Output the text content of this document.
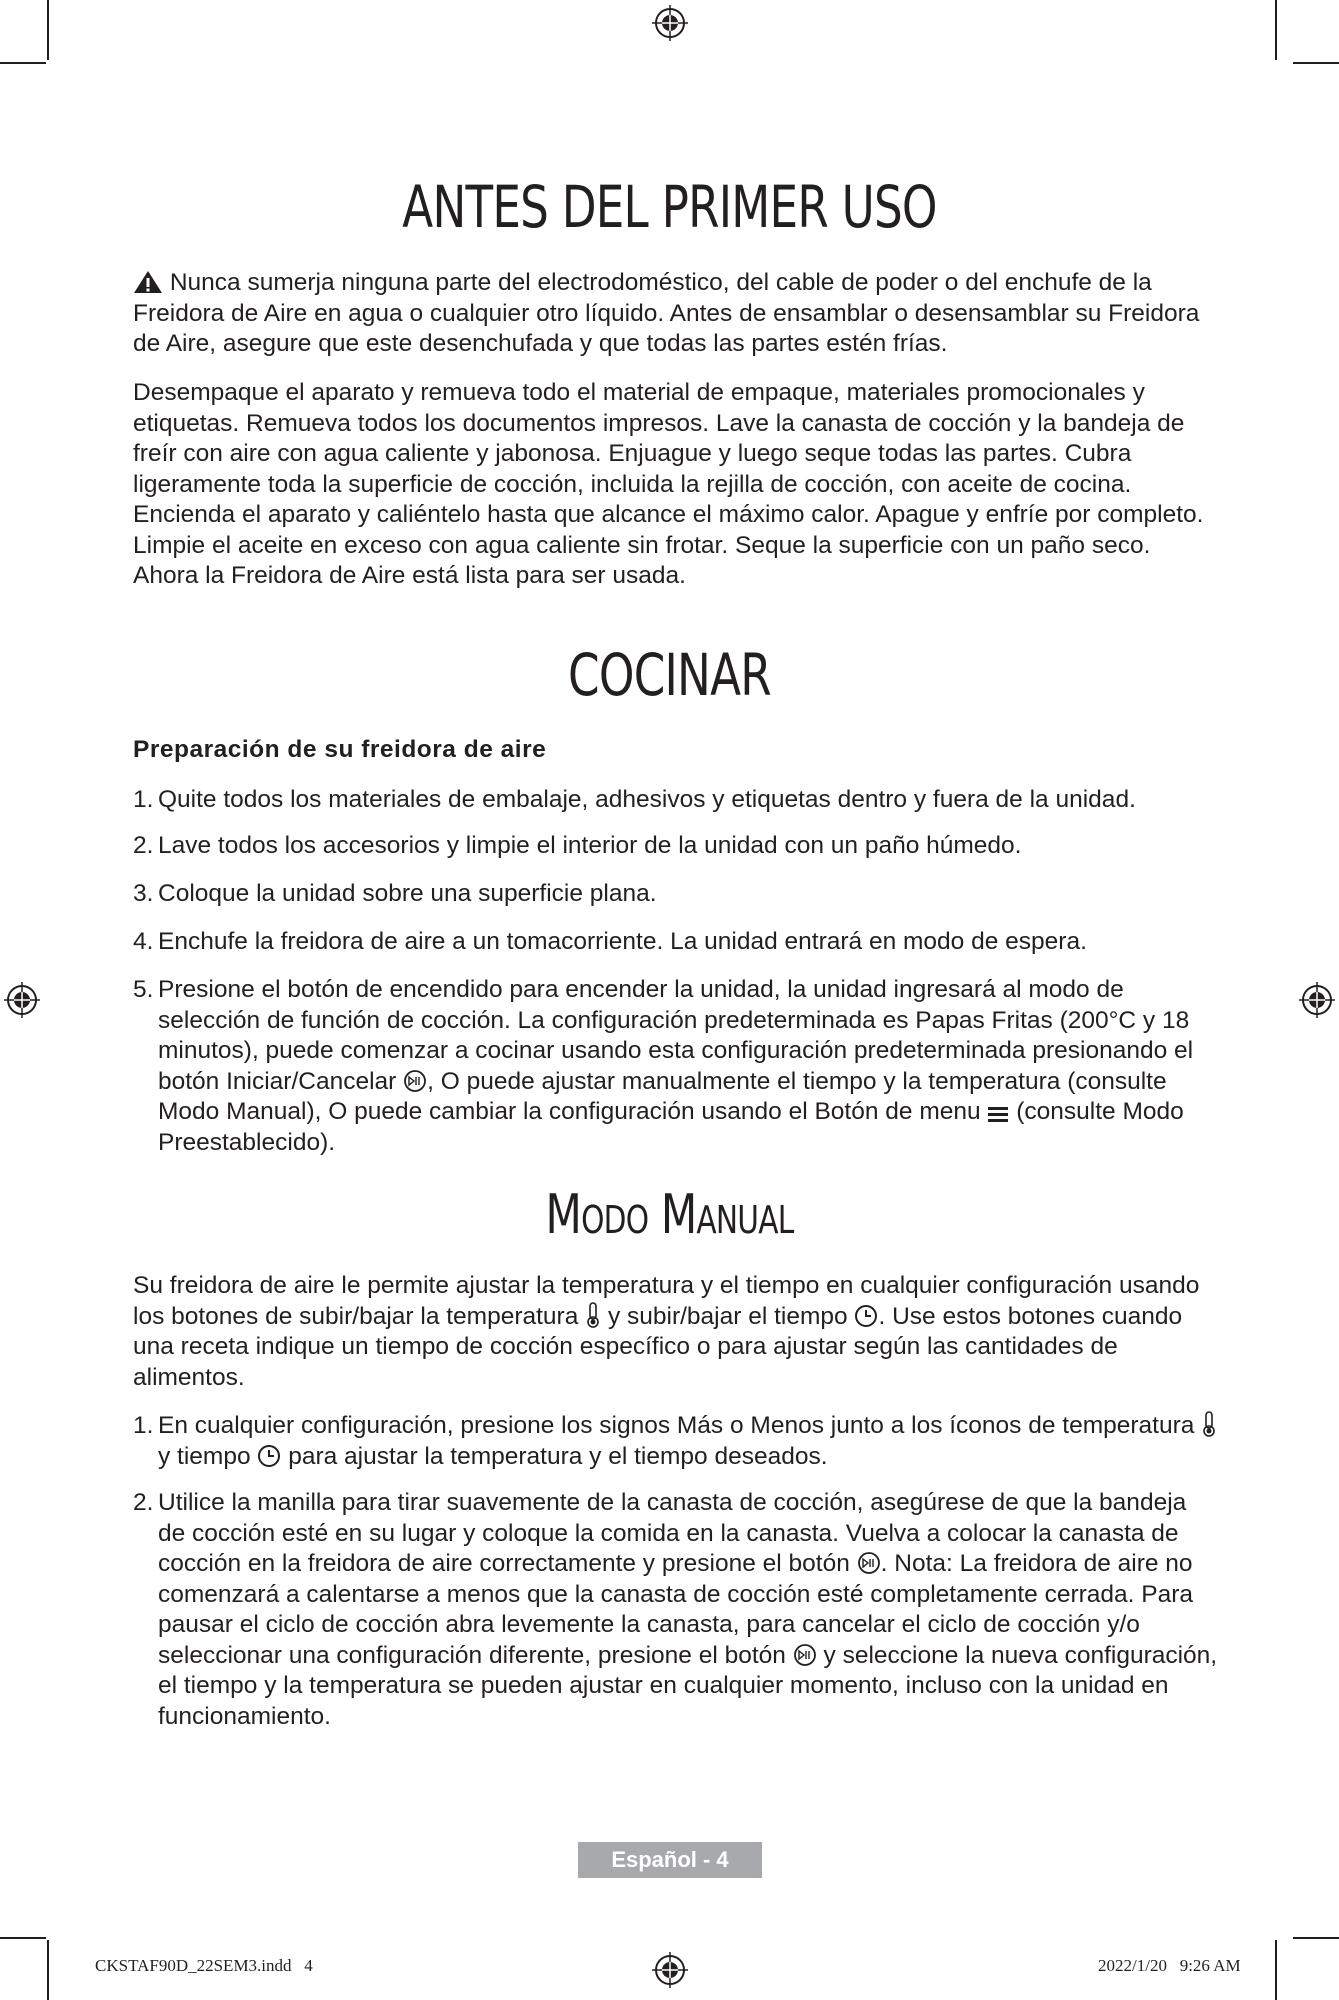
ANTES DEL PRIMER USO

Nunca sumerja ninguna parte del electrodoméstico, del cable de poder o del enchufe de la Freidora de Aire en agua o cualquier otro líquido. Antes de ensamblar o desensamblar su Freidora de Aire, asegure que este desenchufada y que todas las partes estén frías.

Desempaque el aparato y remueva todo el material de empaque, materiales promocionales y etiquetas. Remueva todos los documentos impresos. Lave la canasta de cocción y la bandeja de freír con aire con agua caliente y jabonosa. Enjuague y luego seque todas las partes. Cubra ligeramente toda la superficie de cocción, incluida la rejilla de cocción, con aceite de cocina. Encienda el aparato y caliéntelo hasta que alcance el máximo calor. Apague y enfríe por completo. Limpie el aceite en exceso con agua caliente sin frotar. Seque la superficie con un paño seco. Ahora la Freidora de Aire está lista para ser usada.

COCINAR

Preparación de su freidora de aire

1. Quite todos los materiales de embalaje, adhesivos y etiquetas dentro y fuera de la unidad.

2. Lave todos los accesorios y limpie el interior de la unidad con un paño húmedo.

3. Coloque la unidad sobre una superficie plana.

4. Enchufe la freidora de aire a un tomacorriente. La unidad entrará en modo de espera.

5. Presione el botón de encendido para encender la unidad, la unidad ingresará al modo de selección de función de cocción. La configuración predeterminada es Papas Fritas (200°C y 18 minutos), puede comenzar a cocinar usando esta configuración predeterminada presionando el botón Iniciar/Cancelar , O puede ajustar manualmente el tiempo y la temperatura (consulte Modo Manual), O puede cambiar la configuración usando el Botón de menu (consulte Modo Preestablecido).

Modo Manual

Su freidora de aire le permite ajustar la temperatura y el tiempo en cualquier configuración usando los botones de subir/bajar la temperatura y subir/bajar el tiempo . Use estos botones cuando una receta indique un tiempo de cocción específico o para ajustar según las cantidades de alimentos.

1. En cualquier configuración, presione los signos Más o Menos junto a los íconos de temperatura
y tiempo para ajustar la temperatura y el tiempo deseados.

2. Utilice la manilla para tirar suavemente de la canasta de cocción, asegúrese de que la bandeja de cocción esté en su lugar y coloque la comida en la canasta. Vuelva a colocar la canasta de cocción en la freidora de aire correctamente y presione el botón . Nota: La freidora de aire no comenzará a calentarse a menos que la canasta de cocción esté completamente cerrada. Para pausar el ciclo de cocción abra levemente la canasta, para cancelar el ciclo de cocción y/o seleccionar una configuración diferente, presione el botón y seleccione la nueva configuración, el tiempo y la temperatura se pueden ajustar en cualquier momento, incluso con la unidad en funcionamiento.

Español - 4
CKSTAF90D_22SEM3.indd   4	2022/1/20   9:26 AM
